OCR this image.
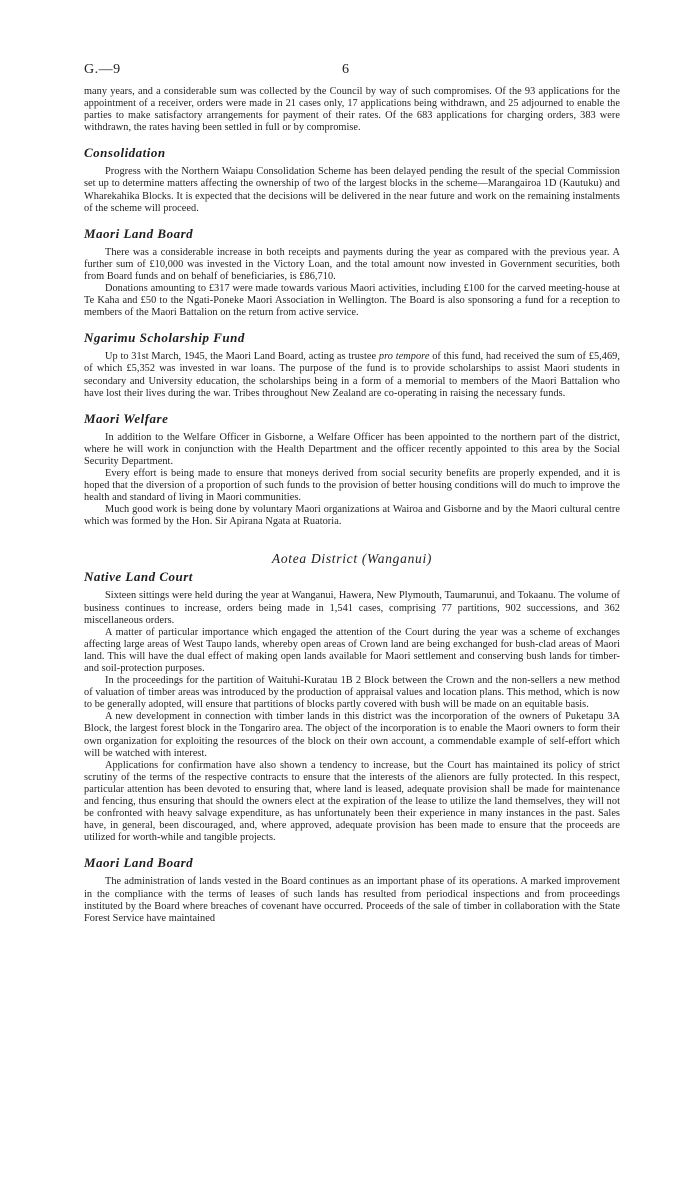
G.—9	6

many years, and a considerable sum was collected by the Council by way of such compromises. Of the 93 applications for the appointment of a receiver, orders were made in 21 cases only, 17 applications being withdrawn, and 25 adjourned to enable the parties to make satisfactory arrangements for payment of their rates. Of the 683 applications for charging orders, 383 were withdrawn, the rates having been settled in full or by compromise.

Consolidation

Progress with the Northern Waiapu Consolidation Scheme has been delayed pending the result of the special Commission set up to determine matters affecting the ownership of two of the largest blocks in the scheme—Marangairoa 1D (Kautuku) and Wharekahika Blocks. It is expected that the decisions will be delivered in the near future and work on the remaining instalments of the scheme will proceed.

Maori Land Board

There was a considerable increase in both receipts and payments during the year as compared with the previous year. A further sum of £10,000 was invested in the Victory Loan, and the total amount now invested in Government securities, both from Board funds and on behalf of beneficiaries, is £86,710.

Donations amounting to £317 were made towards various Maori activities, including £100 for the carved meeting-house at Te Kaha and £50 to the Ngati-Poneke Maori Association in Wellington. The Board is also sponsoring a fund for a reception to members of the Maori Battalion on the return from active service.

Ngarimu Scholarship Fund

Up to 31st March, 1945, the Maori Land Board, acting as trustee pro tempore of this fund, had received the sum of £5,469, of which £5,352 was invested in war loans. The purpose of the fund is to provide scholarships to assist Maori students in secondary and University education, the scholarships being in a form of a memorial to members of the Maori Battalion who have lost their lives during the war. Tribes throughout New Zealand are co-operating in raising the necessary funds.

Maori Welfare

In addition to the Welfare Officer in Gisborne, a Welfare Officer has been appointed to the northern part of the district, where he will work in conjunction with the Health Department and the officer recently appointed to this area by the Social Security Department.

Every effort is being made to ensure that moneys derived from social security benefits are properly expended, and it is hoped that the diversion of a proportion of such funds to the provision of better housing conditions will do much to improve the health and standard of living in Maori communities.

Much good work is being done by voluntary Maori organizations at Wairoa and Gisborne and by the Maori cultural centre which was formed by the Hon. Sir Apirana Ngata at Ruatoria.

Aotea District (Wanganui)
Native Land Court

Sixteen sittings were held during the year at Wanganui, Hawera, New Plymouth, Taumarunui, and Tokaanu. The volume of business continues to increase, orders being made in 1,541 cases, comprising 77 partitions, 902 successions, and 362 miscellaneous orders.

A matter of particular importance which engaged the attention of the Court during the year was a scheme of exchanges affecting large areas of West Taupo lands, whereby open areas of Crown land are being exchanged for bush-clad areas of Maori land. This will have the dual effect of making open lands available for Maori settlement and conserving bush lands for timber-and soil-protection purposes.

In the proceedings for the partition of Waituhi-Kuratau 1B 2 Block between the Crown and the non-sellers a new method of valuation of timber areas was introduced by the production of appraisal values and location plans. This method, which is now to be generally adopted, will ensure that partitions of blocks partly covered with bush will be made on an equitable basis.

A new development in connection with timber lands in this district was the incorporation of the owners of Puketapu 3A Block, the largest forest block in the Tongariro area. The object of the incorporation is to enable the Maori owners to form their own organization for exploiting the resources of the block on their own account, a commendable example of self-effort which will be watched with interest.

Applications for confirmation have also shown a tendency to increase, but the Court has maintained its policy of strict scrutiny of the terms of the respective contracts to ensure that the interests of the alienors are fully protected. In this respect, particular attention has been devoted to ensuring that, where land is leased, adequate provision shall be made for maintenance and fencing, thus ensuring that should the owners elect at the expiration of the lease to utilize the land themselves, they will not be confronted with heavy salvage expenditure, as has unfortunately been their experience in many instances in the past. Sales have, in general, been discouraged, and, where approved, adequate provision has been made to ensure that the proceeds are utilized for worth-while and tangible projects.

Maori Land Board

The administration of lands vested in the Board continues as an important phase of its operations. A marked improvement in the compliance with the terms of leases of such lands has resulted from periodical inspections and from proceedings instituted by the Board where breaches of covenant have occurred. Proceeds of the sale of timber in collaboration with the State Forest Service have maintained
